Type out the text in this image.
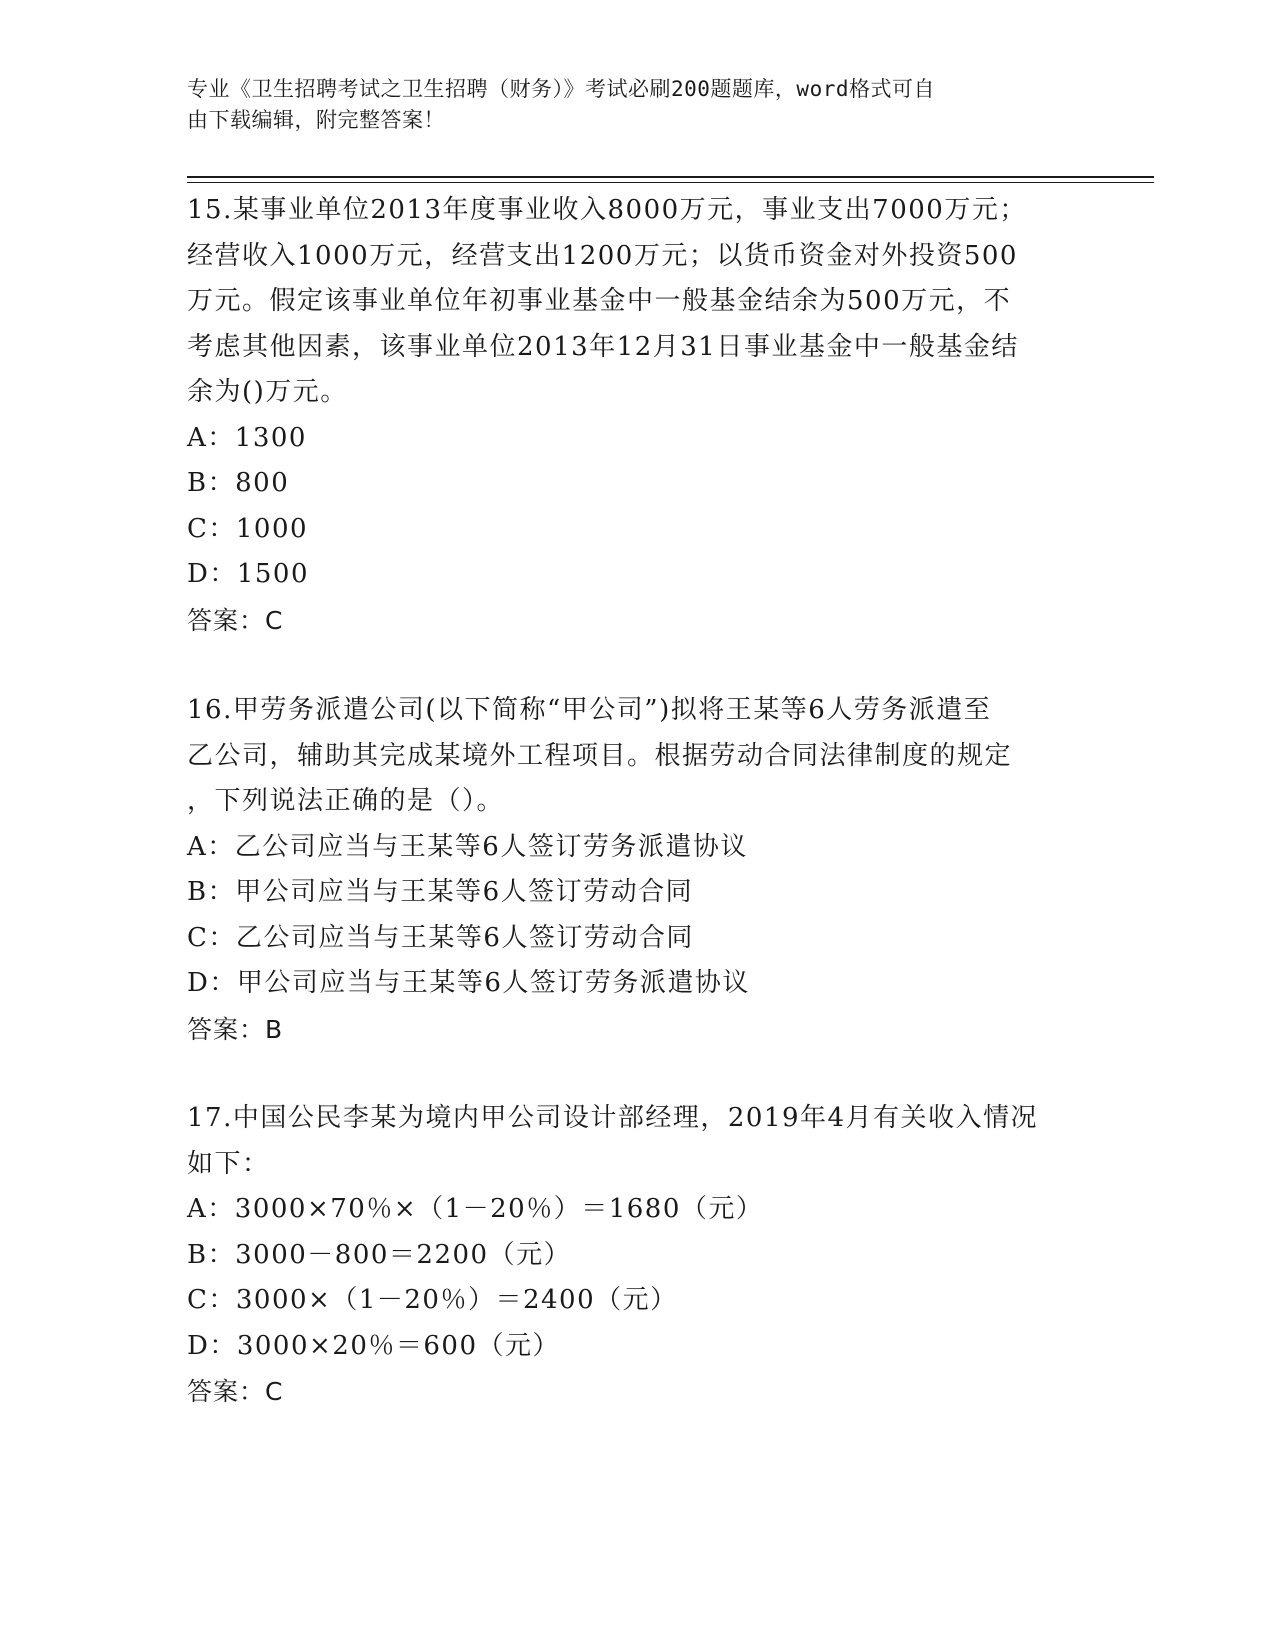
专业《卫生招聘考试之卫生招聘（财务）》考试必刷200题题库，word格式可自
由下载编辑，附完整答案！
15.某事业单位2013年度事业收入8000万元，事业支出7000万元；
经营收入1000万元，经营支出1200万元；以货币资金对外投资500
万元。假定该事业单位年初事业基金中一般基金结余为500万元，不
考虑其他因素，该事业单位2013年12月31日事业基金中一般基金结
余为()万元。
A：1300
B：800
C：1000
D：1500
答案：C
16.甲劳务派遣公司(以下简称“甲公司”)拟将王某等6人劳务派遣至
乙公司，辅助其完成某境外工程项目。根据劳动合同法律制度的规定
，下列说法正确的是（）。
A：乙公司应当与王某等6人签订劳务派遣协议
B：甲公司应当与王某等6人签订劳动合同
C：乙公司应当与王某等6人签订劳动合同
D：甲公司应当与王某等6人签订劳务派遣协议
答案：B
17.中国公民李某为境内甲公司设计部经理，2019年4月有关收入情况
如下：
A：3000×70％×（1－20％）＝1680（元）
B：3000－800＝2200（元）
C：3000×（1－20％）＝2400（元）
D：3000×20％＝600（元）
答案：C
